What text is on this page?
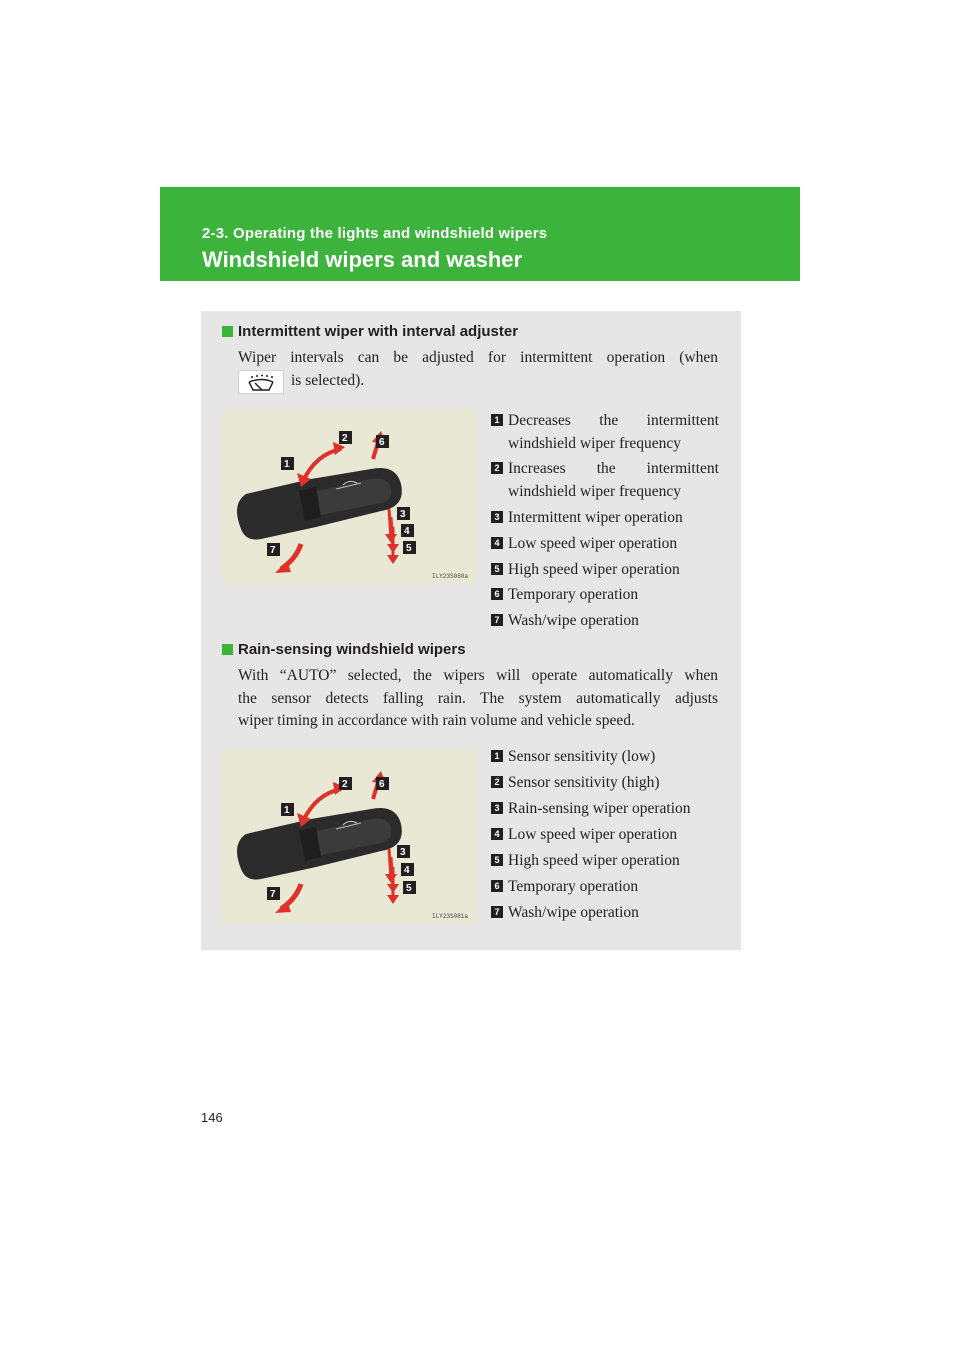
2-3. Operating the lights and windshield wipers
Windshield wipers and washer
Intermittent wiper with interval adjuster
Wiper intervals can be adjusted for intermittent operation (when
is selected).
1
2	6
3
4
5
7
ILY23S080a
1 Decreases the intermittent
windshield wiper frequency
2 Increases the intermittent
windshield wiper frequency
3 Intermittent wiper operation
4 Low speed wiper operation
5 High speed wiper operation
6 Temporary operation
7 Wash/wipe operation
Rain-sensing windshield wipers
With “AUTO” selected, the wipers will operate automatically when
the sensor detects falling rain. The system automatically adjusts
wiper timing in accordance with rain volume and vehicle speed.
1
2	6
3
4
5
7
ILY23S081a
1 Sensor sensitivity (low)
2 Sensor sensitivity (high)
3 Rain-sensing wiper operation
4 Low speed wiper operation
5 High speed wiper operation
6 Temporary operation
7 Wash/wipe operation
146
